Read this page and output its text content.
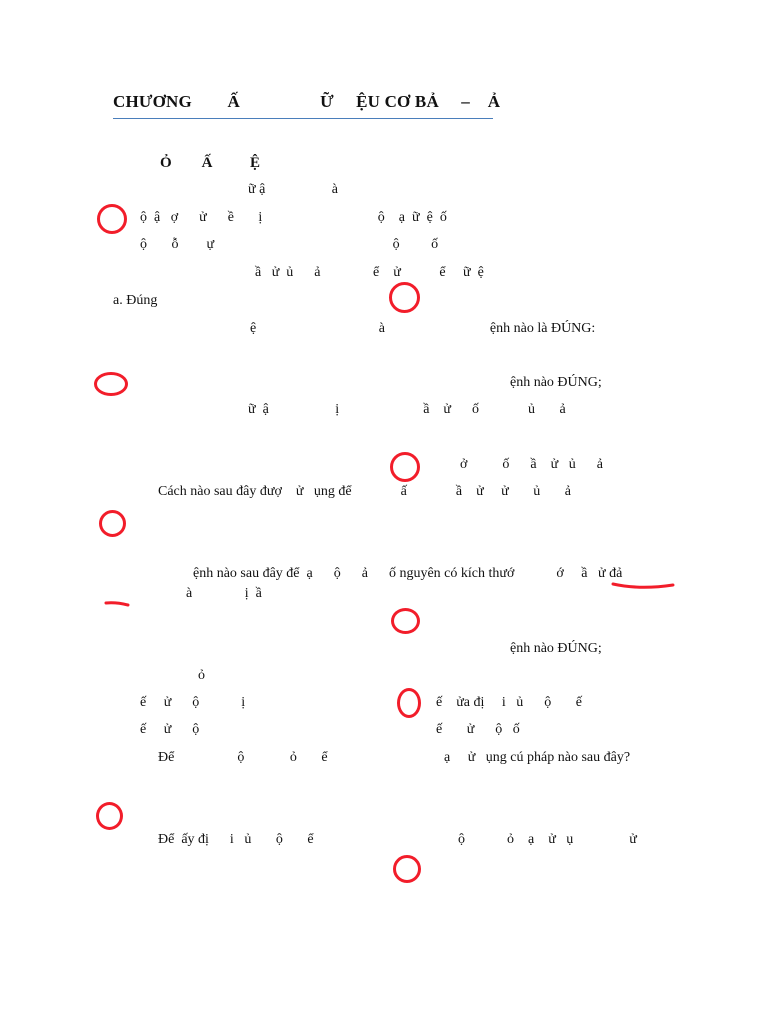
CHƯƠNG        Ấ                  Ữ     ỆU CƠ BẢ     –    Ả
Ỏ        Ấ          Ệ
ữ ậ                   à
ộ  ậ   ợ      ử      ề       ị                                 ộ    ạ  ữ  ệ  ố
ộ       ỗ        ự                                                   ộ         ố
ầ   ử  ủ      ả               ể    ử           ể     ữ  ệ
a. Đúng
ệ                                   à                              ệnh nào là ĐÚNG:
ệnh nào ĐÚNG;
ữ  ậ                   ị                        ầ    ử      ố              ủ       ả
ở          ố      ầ    ử   ủ      ả
Cách nào sau đây đượ    ử   ụng để              ấ              ầ    ử     ử       ủ       ả
ệnh nào sau đây để  ạ      ộ      ả      ố nguyên có kích thướ            ớ     ầ   ử đả
à               ị  ầ
ệnh nào ĐÚNG;
ỏ
ế     ử      ộ            ị	ế    ửa đị     i   ủ      ộ       ế
ế     ử      ộ	ế       ử      ộ   ố
Để                  ộ             ỏ       ể	ạ     ử   ụng cú pháp nào sau đây?
Để  ấy đị      i   ủ       ộ       ể	ộ            ỏ    ạ    ử   ụ                ử
